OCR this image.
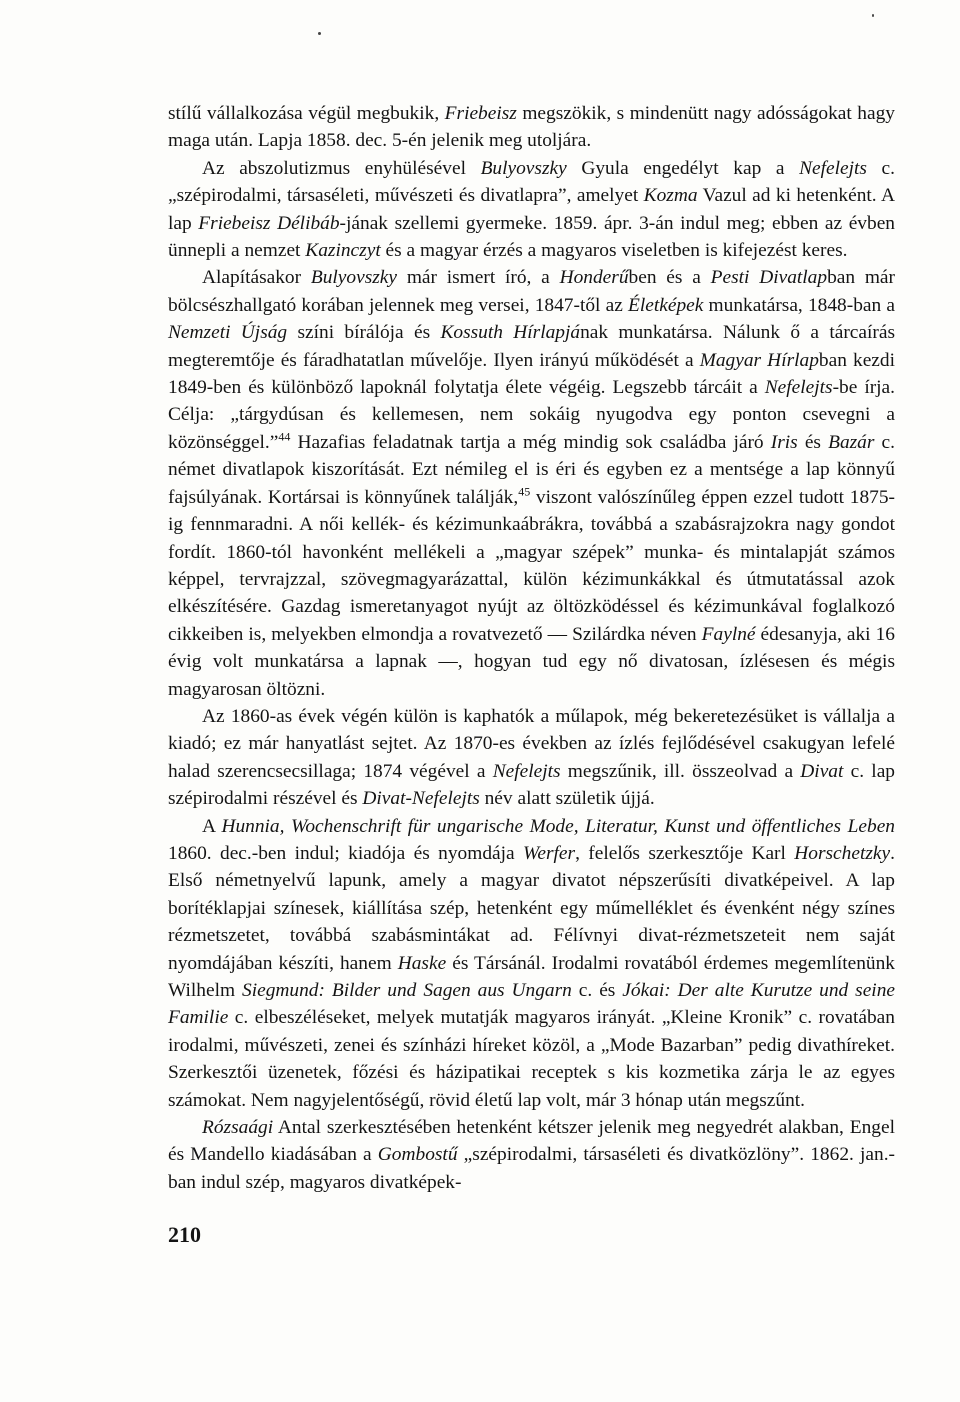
stílű vállalkozása végül megbukik, Friebeisz megszökik, s mindenütt nagy adósságokat hagy maga után. Lapja 1858. dec. 5-én jelenik meg utoljára.

Az abszolutizmus enyhülésével Bulyovszky Gyula engedélyt kap a Nefelejts c. „szépirodalmi, társaséleti, művészeti és divatlapra”, amelyet Kozma Vazul ad ki hetenként. A lap Friebeisz Délibáb-jának szellemi gyermeke. 1859. ápr. 3-án indul meg; ebben az évben ünnepli a nemzet Kazinczyt és a magyar érzés a magyaros viseletben is kifejezést keres.

Alapításakor Bulyovszky már ismert író, a Honderűben és a Pesti Divatlapban már bölcsészhallgató korában jelennek meg versei, 1847-től az Életképek munkatársa, 1848-ban a Nemzeti Újság színi bírálója és Kossuth Hírlapjának munkatársa. Nálunk ő a tárcaírás megteremtője és fáradhatatlan művelője. Ilyen irányú működését a Magyar Hírlapban kezdi 1849-ben és különböző lapoknál folytatja élete végéig. Legszebb tárcáit a Nefelejts-be írja. Célja: „tárgydúsan és kellemesen, nem sokáig nyugodva egy ponton csevegni a közönséggel.”$^{44}$ Hazafias feladatnak tartja a még mindig sok családba járó Iris és Bazár c. német divatlapok kiszorítását. Ezt némileg el is éri és egyben ez a mentsége a lap könnyű fajsúlyának. Kortársai is könnyűnek találják,$^{45}$ viszont valószínűleg éppen ezzel tudott 1875-ig fennmaradni. A női kellék- és kézimunkaábrákra, továbbá a szabásrajzokra nagy gondot fordít. 1860-tól havonként mellékeli a „magyar szépek” munka- és mintalapját számos képpel, tervrajzzal, szövegmagyarázattal, külön kézimunkákkal és útmutatással azok elkészítésére. Gazdag ismeretanyagot nyújt az öltözködéssel és kézimunkával foglalkozó cikkeiben is, melyekben elmondja a rovatvezető — Szilárdka néven Faylné édesanyja, aki 16 évig volt munkatársa a lapnak —, hogyan tud egy nő divatosan, ízlésesen és mégis magyarosan öltözni.

Az 1860-as évek végén külön is kaphatók a műlapok, még bekeretezésüket is vállalja a kiadó; ez már hanyatlást sejtet. Az 1870-es években az ízlés fejlődésével csakugyan lefelé halad szerencsecsillaga; 1874 végével a Nefelejts megszűnik, ill. összeolvad a Divat c. lap szépirodalmi részével és Divat-Nefelejts név alatt születik újjá.

A Hunnia, Wochenschrift für ungarische Mode, Literatur, Kunst und öffentliches Leben 1860. dec.-ben indul; kiadója és nyomdája Werfer, felelős szerkesztője Karl Horschetzky. Első németnyelvű lapunk, amely a magyar divatot népszerűsíti divatképeivel. A lap borítéklapjai színesek, kiállítása szép, hetenként egy műmelléklet és évenként négy színes rézmetszetet, továbbá szabásmintákat ad. Félívnyi divat-rézmetszeteit nem saját nyomdájában készíti, hanem Haske és Társánál. Irodalmi rovatából érdemes megemlítenünk Wilhelm Siegmund: Bilder und Sagen aus Ungarn c. és Jókai: Der alte Kurutze und seine Familie c. elbeszéléseket, melyek mutatják magyaros irányát. „Kleine Kronik” c. rovatában irodalmi, művészeti, zenei és színházi híreket közöl, a „Mode Bazarban” pedig divathíreket. Szerkesztői üzenetek, főzési és házipatikai receptek s kis kozmetika zárja le az egyes számokat. Nem nagyjelentőségű, rövid életű lap volt, már 3 hónap után megszűnt.

Rózsaági Antal szerkesztésében hetenként kétszer jelenik meg negyedrét alakban, Engel és Mandello kiadásában a Gombostű „szépirodalmi, társaséleti és divatközlöny”. 1862. jan.-ban indul szép, magyaros divatképek-

210
